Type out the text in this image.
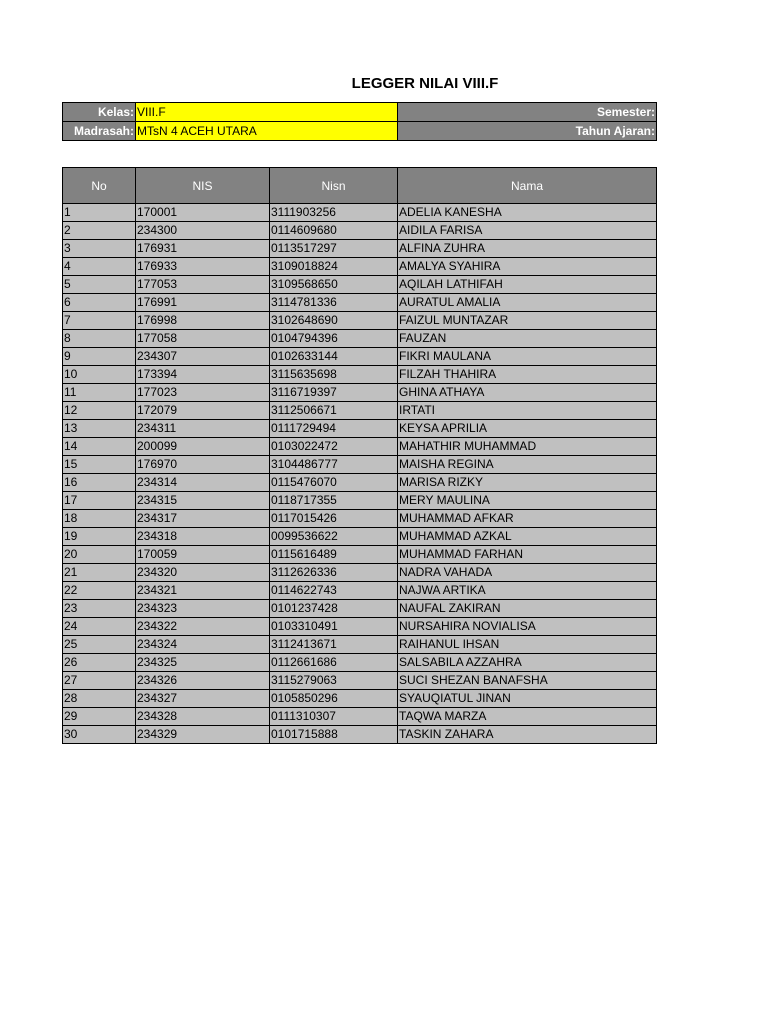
LEGGER NILAI VIII.F
Kelas:	VIII.F	Semester:
Madrasah:	MTsN 4 ACEH UTARA	Tahun Ajaran:
No	NIS	Nisn	Nama
1	170001	3111903256	ADELIA KANESHA
2	234300	0114609680	AIDILA FARISA
3	176931	0113517297	ALFINA ZUHRA
4	176933	3109018824	AMALYA SYAHIRA
5	177053	3109568650	AQILAH LATHIFAH
6	176991	3114781336	AURATUL AMALIA
7	176998	3102648690	FAIZUL MUNTAZAR
8	177058	0104794396	FAUZAN
9	234307	0102633144	FIKRI MAULANA
10	173394	3115635698	FILZAH THAHIRA
11	177023	3116719397	GHINA ATHAYA
12	172079	3112506671	IRTATI
13	234311	0111729494	KEYSA APRILIA
14	200099	0103022472	MAHATHIR MUHAMMAD
15	176970	3104486777	MAISHA REGINA
16	234314	0115476070	MARISA RIZKY
17	234315	0118717355	MERY MAULINA
18	234317	0117015426	MUHAMMAD AFKAR
19	234318	0099536622	MUHAMMAD AZKAL
20	170059	0115616489	MUHAMMAD FARHAN
21	234320	3112626336	NADRA VAHADA
22	234321	0114622743	NAJWA ARTIKA
23	234323	0101237428	NAUFAL ZAKIRAN
24	234322	0103310491	NURSAHIRA NOVIALISA
25	234324	3112413671	RAIHANUL IHSAN
26	234325	0112661686	SALSABILA AZZAHRA
27	234326	3115279063	SUCI SHEZAN BANAFSHA
28	234327	0105850296	SYAUQIATUL JINAN
29	234328	0111310307	TAQWA MARZA
30	234329	0101715888	TASKIN ZAHARA
